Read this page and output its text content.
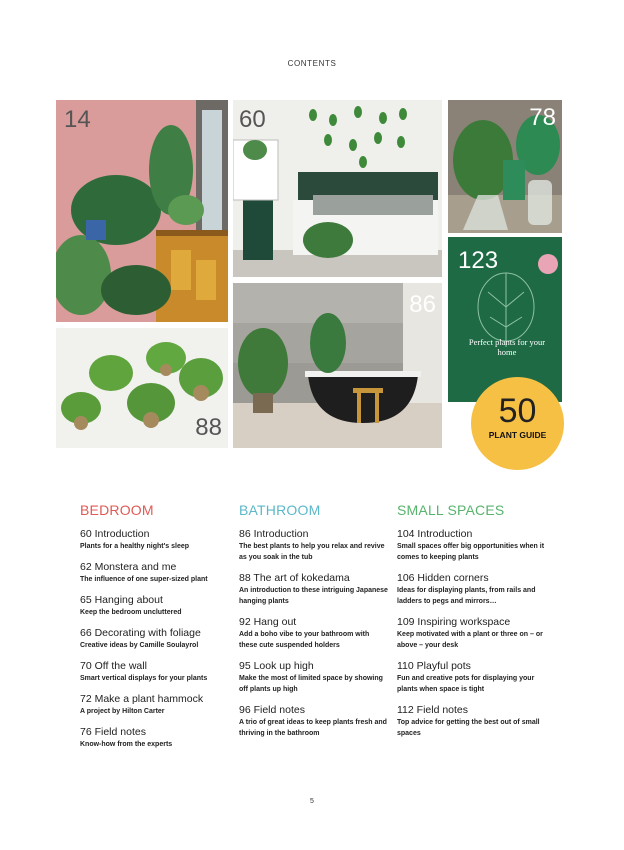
CONTENTS
14	60	78
123
Perfect plants for your home
88
86
50
PLANT GUIDE
BEDROOM
60 Introduction
Plants for a healthy night's sleep
62 Monstera and me
The influence of one super-sized plant
65 Hanging about
Keep the bedroom uncluttered
66 Decorating with foliage
Creative ideas by Camille Soulayrol
70 Off the wall
Smart vertical displays for your plants
72 Make a plant hammock
A project by Hilton Carter
76 Field notes
Know-how from the experts
BATHROOM
86 Introduction
The best plants to help you relax and revive as you soak in the tub
88 The art of kokedama
An introduction to these intriguing Japanese hanging plants
92 Hang out
Add a boho vibe to your bathroom with these cute suspended holders
95 Look up high
Make the most of limited space by showing off plants up high
96 Field notes
A trio of great ideas to keep plants fresh and thriving in the bathroom
SMALL SPACES
104 Introduction
Small spaces offer big opportunities when it comes to keeping plants
106 Hidden corners
Ideas for displaying plants, from rails and ladders to pegs and mirrors…
109 Inspiring workspace
Keep motivated with a plant or three on – or above – your desk
110 Playful pots
Fun and creative pots for displaying your plants when space is tight
112 Field notes
Top advice for getting the best out of small spaces
5
